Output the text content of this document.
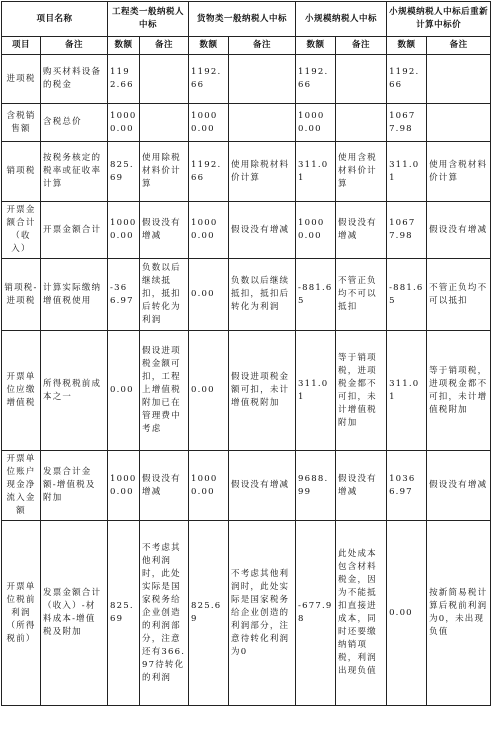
项目名称		工程类一般纳税人中标		货物类一般纳税人中标		小规模纳税人中标		小规模纳税人中标后重新计算中标价	
项目	备注	数额	备注	数额	备注	数额	备注	数额	备注
进项税	购买材料设备的税金	1192.66		1192.66		1192.66		1192.66	
含税销售额	含税总价	10000.00		10000.00		10000.00		10677.98	
销项税	按税务核定的税率或征收率计算	825.69	使用除税材料价计算	1192.66	使用除税材料价计算	311.01	使用含税材料价计算	311.01	使用含税材料价计算
开票金额合计（收入）	开票金额合计	10000.00	假设没有增减	10000.00	假设没有增减	10000.00	假设没有增减	10677.98	假设没有增减
销项税-进项税	计算实际缴纳增值税使用	-366.97	负数以后继续抵扣，抵扣后转化为利润	0.00	负数以后继续抵扣，抵扣后转化为利润	-881.65	不管正负均不可以抵扣	-881.65	不管正负均不可以抵扣
开票单位应缴增值税	所得税税前成本之一	0.00	假设进项税金额可扣，工程上增值税附加已在管理费中考虑	0.00	假设进项税金额可扣，未计增值税附加	311.01	等于销项税，进项税金都不可扣，未计增值税附加	311.01	等于销项税，进项税金都不可扣，未计增值税附加
开票单位账户现金净流入金额	发票合计金额-增值税及附加	10000.00	假设没有增减	10000.00	假设没有增减	9688.99	假设没有增减	10366.97	假设没有增减
开票单位税前利润（所得税前）	发票金额合计（收入）-材料成本-增值税及附加	825.69	不考虑其他利润时，此处实际是国家税务给企业创造的利润部分，注意还有366.97待转化的利润	825.69	不考虑其他利润时，此处实际是国家税务给企业创造的利润部分，注意待转化利润为0	-677.98	此处成本包含材料税金，因为不能抵扣直接进成本，同时还要缴纳销项税，利润出现负值	0.00	按新简易税计算后税前利润为0，未出现负值
